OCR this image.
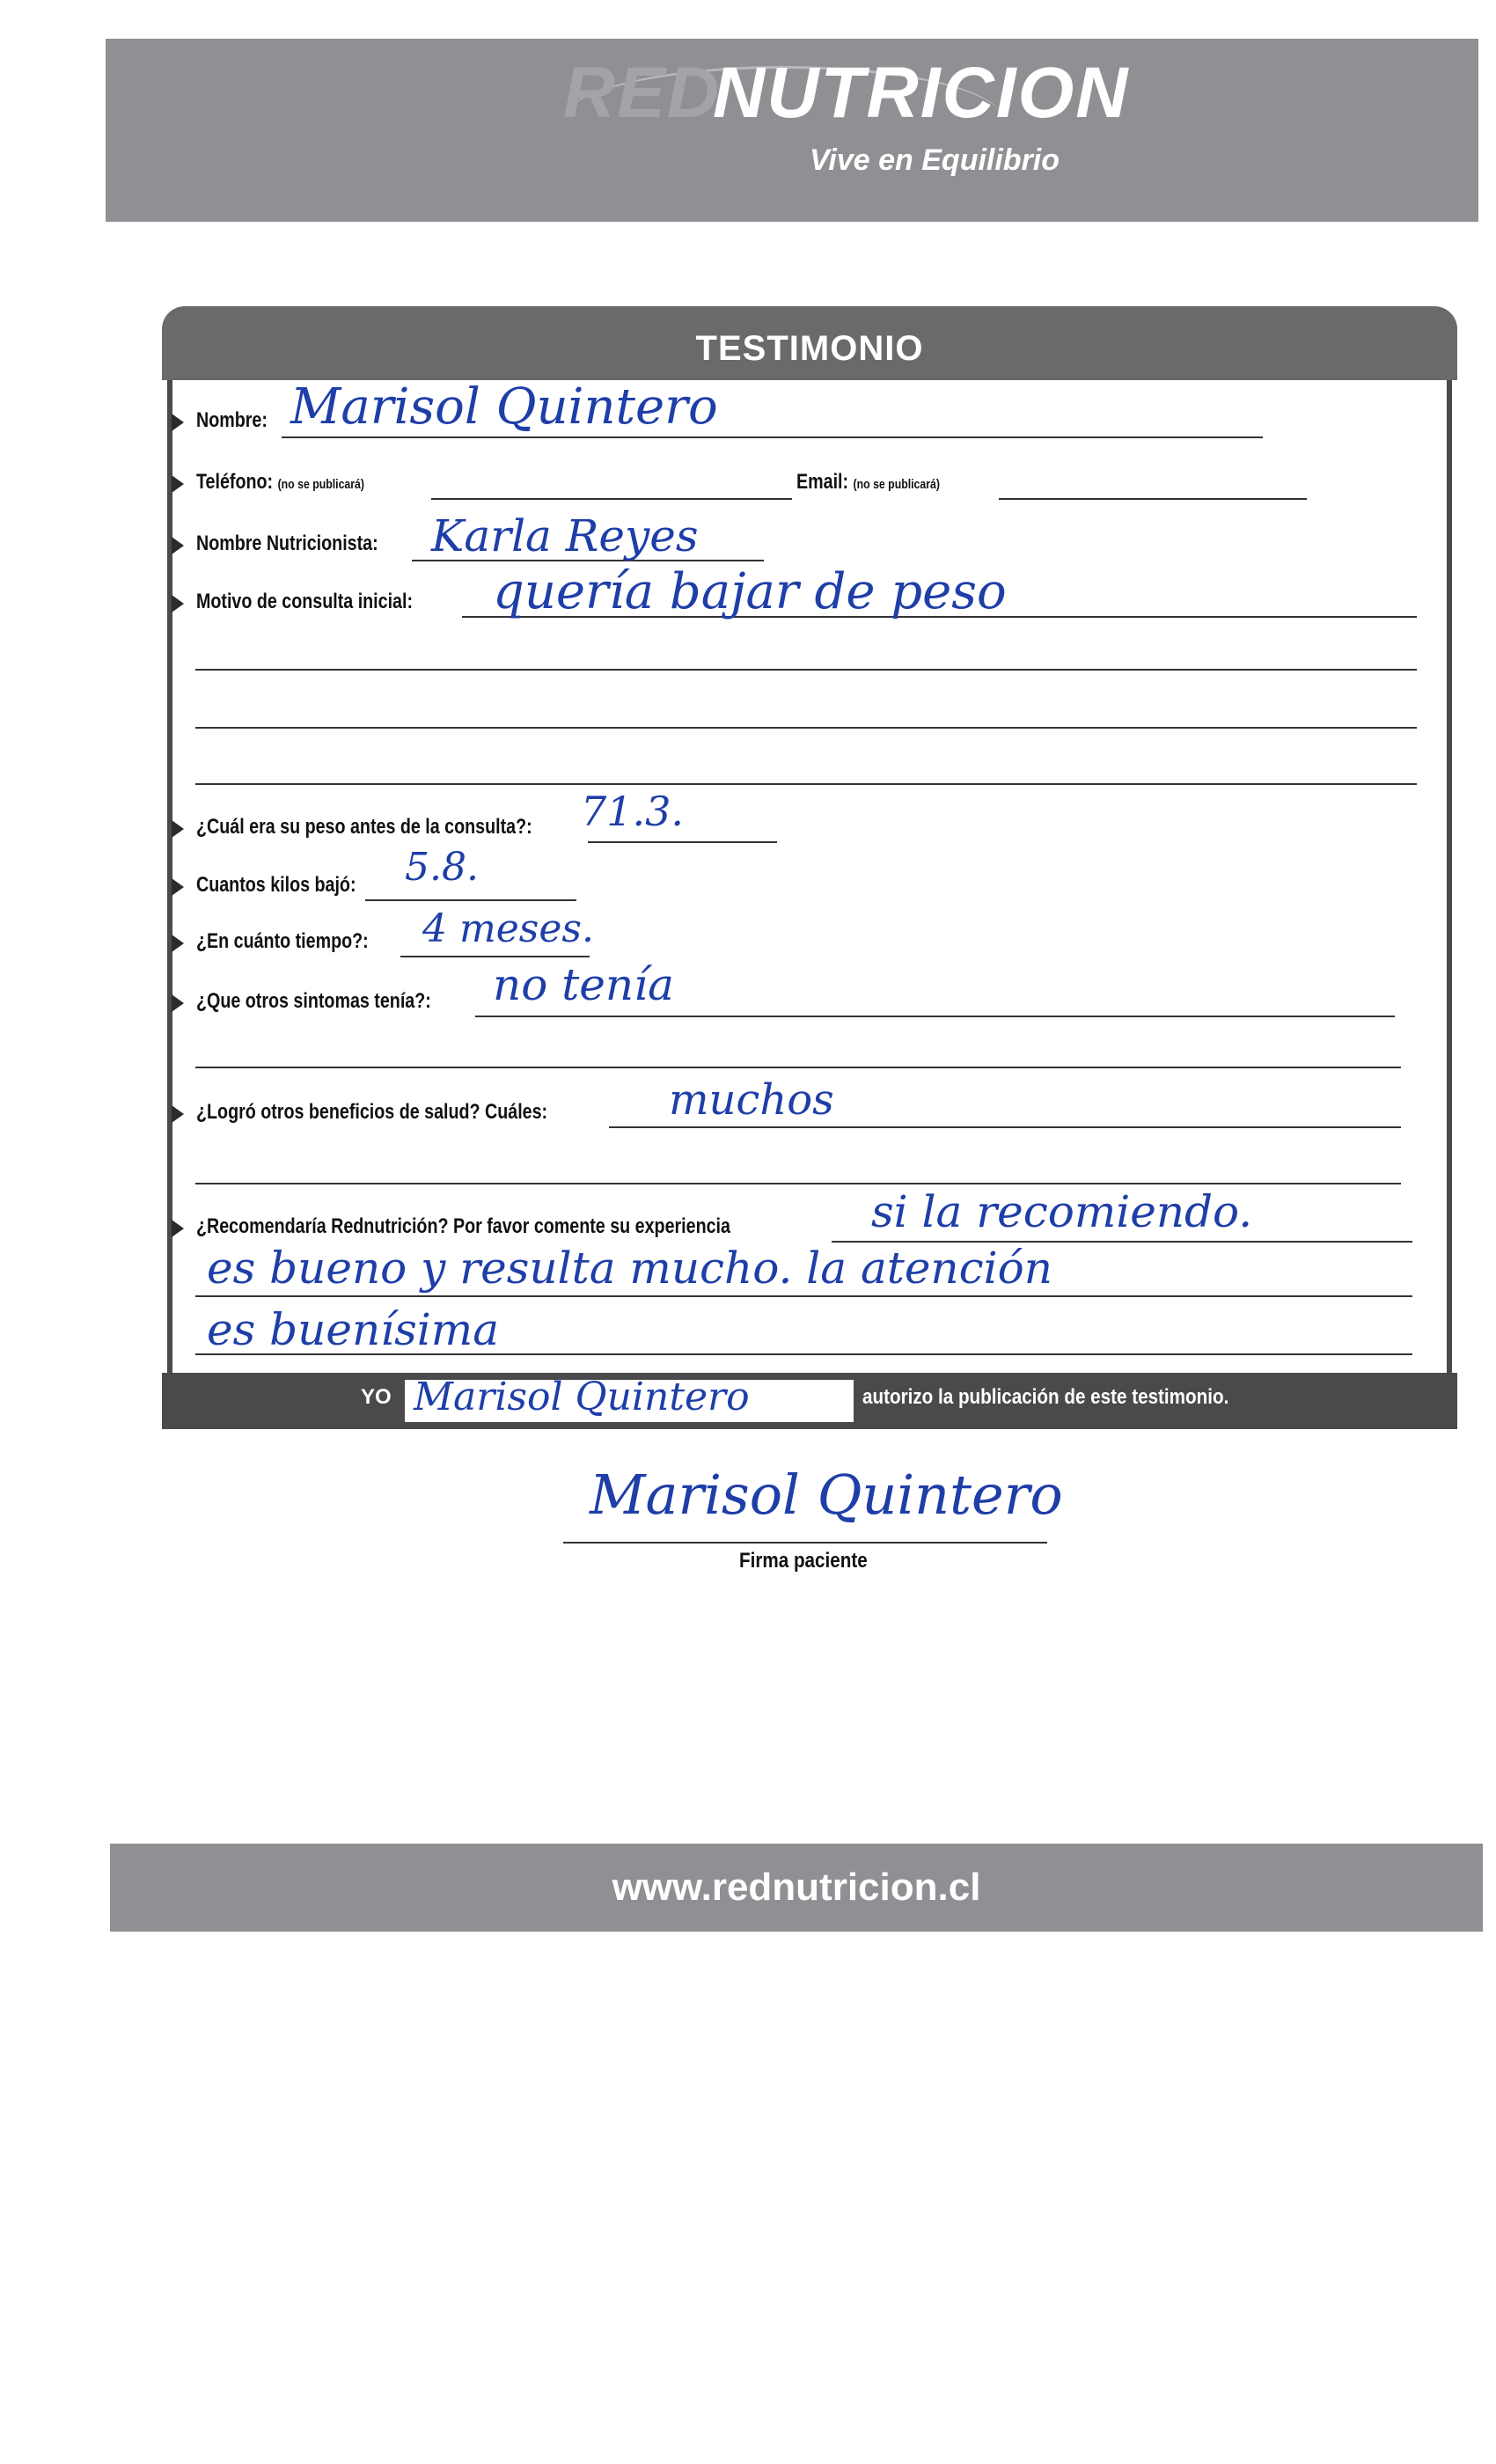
RED
NUTRICION
Vive en Equilibrio
TESTIMONIO
Nombre: Marisol Quintero
Teléfono: (no se publicará)	Email: (no se publicará)
Nombre Nutricionista: Karla Reyes
Motivo de consulta inicial: quería bajar de peso
¿Cuál era su peso antes de la consulta?: 71.3.
Cuantos kilos bajó: 5.8.
¿En cuánto tiempo?: 4 meses.
¿Que otros sintomas tenía?: no tenía
¿Logró otros beneficios de salud? Cuáles:	muchos
¿Recomendaría Rednutrición? Por favor comente su experiencia	si la recomiendo.
es bueno y resulta mucho. la atención
es buenísima
YO Marisol Quintero	autorizo la publicación de este testimonio.
Marisol Quintero
Firma paciente
www.rednutricion.cl
